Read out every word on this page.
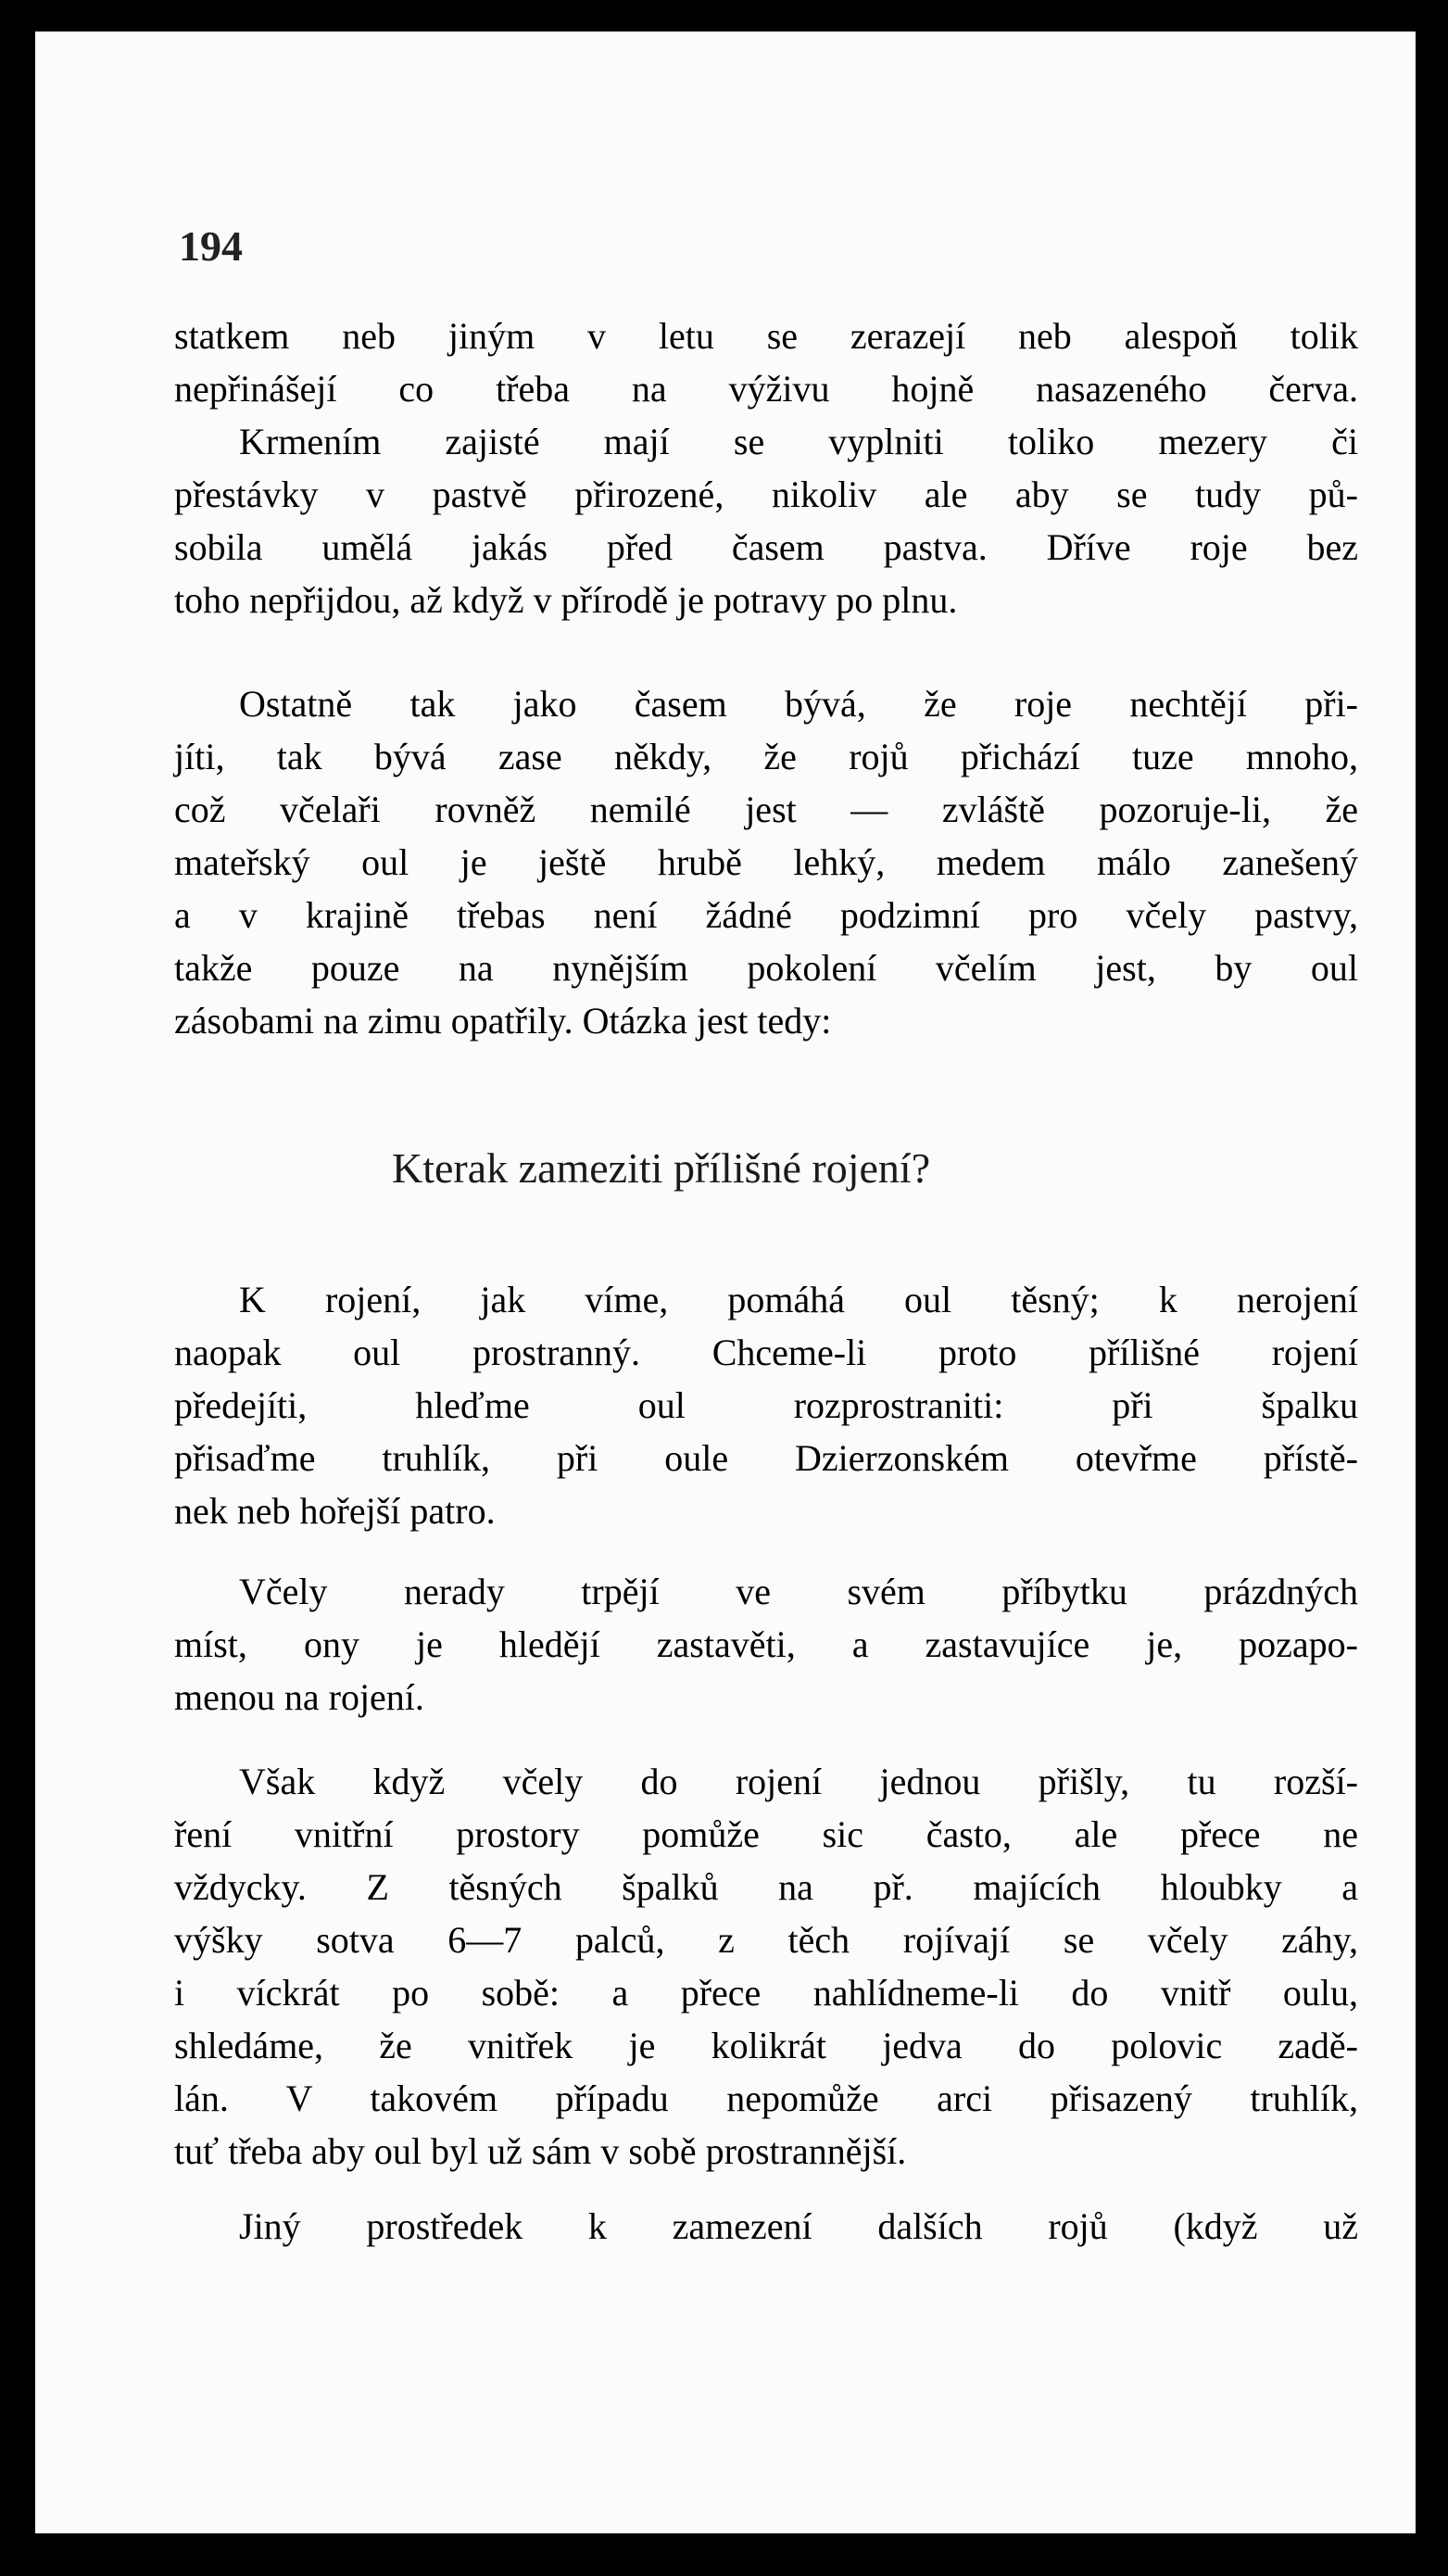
194
statkem neb jiným v letu se zerazejí neb alespoň tolik
nepřinášejí co třeba na výživu hojně nasazeného červa.
Krmením zajisté mají se vyplniti toliko mezery či
přestávky v pastvě přirozené, nikoliv ale aby se tudy pů-
sobila umělá jakás před časem pastva. Dříve roje bez
toho nepřijdou, až když v přírodě je potravy po plnu.
Ostatně tak jako časem bývá, že roje nechtějí při-
jíti, tak bývá zase někdy, že rojů přichází tuze mnoho,
což včelaři rovněž nemilé jest — zvláště pozoruje-li, že
mateřský oul je ještě hrubě lehký, medem málo zanešený
a v krajině třebas není žádné podzimní pro včely pastvy,
takže pouze na nynějším pokolení včelím jest, by oul
zásobami na zimu opatřily. Otázka jest tedy:
Kterak zameziti přílišné rojení?
K rojení, jak víme, pomáhá oul těsný; k nerojení
naopak oul prostranný. Chceme-li proto přílišné rojení
předejíti, hleďme oul rozprostraniti: při špalku
přisaďme truhlík, při oule Dzierzonském otevřme přístě-
nek neb hořejší patro.
Včely nerady trpějí ve svém příbytku prázdných
míst, ony je hledějí zastavěti, a zastavujíce je, pozapo-
menou na rojení.
Však když včely do rojení jednou přišly, tu rozší-
ření vnitřní prostory pomůže sic často, ale přece ne
vždycky. Z těsných špalků na př. majících hloubky a
výšky sotva 6—7 palců, z těch rojívají se včely záhy,
i víckrát po sobě: a přece nahlídneme-li do vnitř oulu,
shledáme, že vnitřek je kolikrát jedva do polovic zadě-
lán. V takovém případu nepomůže arci přisazený truhlík,
tuť třeba aby oul byl už sám v sobě prostrannější.
Jiný prostředek k zamezení dalších rojů (když už
